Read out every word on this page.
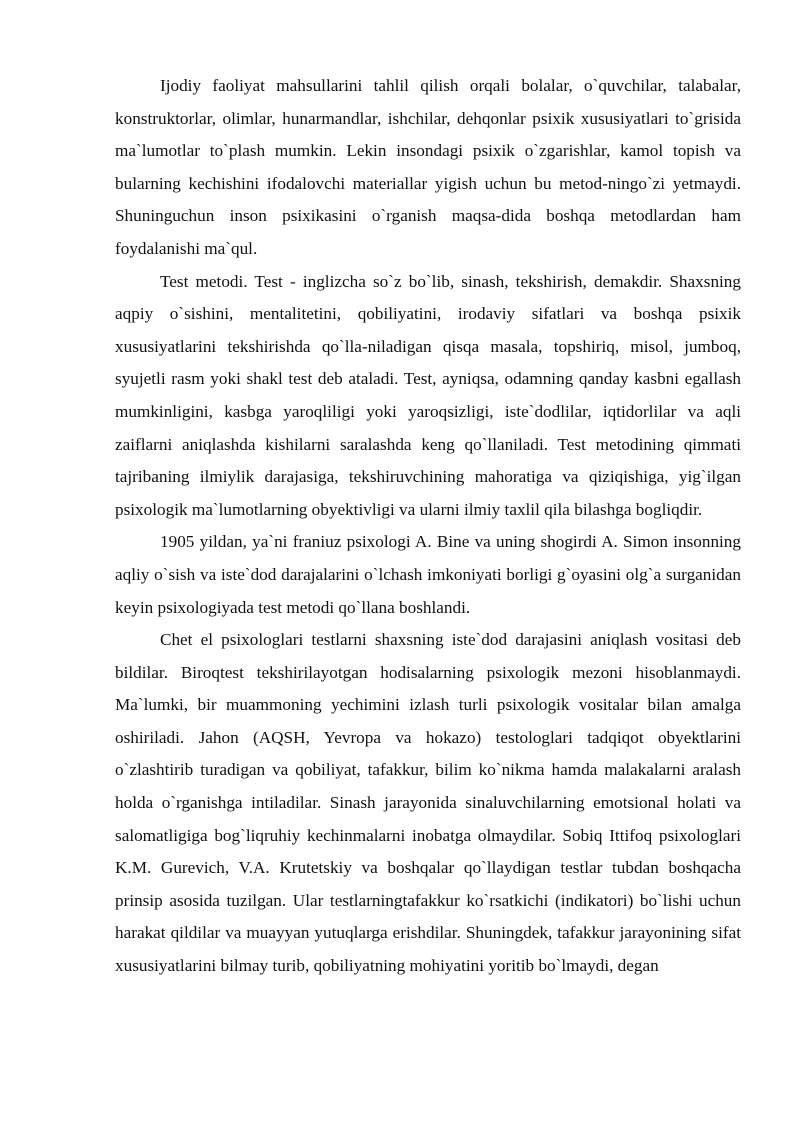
Ijodiy faoliyat mahsullarini tahlil qilish orqali bolalar, o`quvchilar, talabalar, konstruktorlar, olimlar, hunarmandlar, ishchilar, dehqonlar psixik xususiyatlari to`grisida ma`lumotlar to`plash mumkin. Lekin insondagi psixik o`zgarishlar, kamol topish va bularning kechishini ifodalovchi materiallar yigish uchun bu metod-ningo`zi yetmaydi. Shuninguchun inson psixikasini o`rganish maqsa-dida boshqa metodlardan ham foydalanishi ma`qul.

Test metodi. Test - inglizcha so`z bo`lib, sinash, tekshirish, demakdir. Shaxsning aqpiy o`sishini, mentalitetini, qobiliyatini, irodaviy sifatlari va boshqa psixik xususiyatlarini tekshirishda qo`lla-niladigan qisqa masala, topshiriq, misol, jumboq, syujetli rasm yoki shakl test deb ataladi. Test, ayniqsa, odamning qanday kasbni egallash mumkinligini, kasbga yaroqliligi yoki yaroqsizligi, iste`dodlilar, iqtidorlilar va aqli zaiflarni aniqlashda kishilarni saralashda keng qo`llaniladi. Test metodining qimmati tajribaning ilmiylik darajasiga, tekshiruvchining mahoratiga va qiziqishiga, yig`ilgan psixologik ma`lumotlarning obyektivligi va ularni ilmiy taxlil qila bilashga bogliqdir.

1905 yildan, ya`ni franiuz psixologi A. Bine va uning shogirdi A. Simon insonning aqliy o`sish va iste`dod darajalarini o`lchash imkoniyati borligi g`oyasini olg`a surganidan keyin psixologiyada test metodi qo`llana boshlandi.

Chet el psixologlari testlarni shaxsning iste`dod darajasini aniqlash vositasi deb bildilar. Biroqtest tekshirilayotgan hodisalarning psixologik mezoni hisoblanmaydi. Ma`lumki, bir muammoning yechimini izlash turli psixologik vositalar bilan amalga oshiriladi. Jahon (AQSH, Yevropa va hokazo) testologlari tadqiqot obyektlarini o`zlashtirib turadigan va qobiliyat, tafakkur, bilim ko`nikma hamda malakalarni aralash holda o`rganishga intiladilar. Sinash jarayonida sinaluvchilarning emotsional holati va salomatligiga bog`liqruhiy kechinmalarni inobatga olmaydilar. Sobiq Ittifoq psixologlari K.M. Gurevich, V.A. Krutetskiy va boshqalar qo`llaydigan testlar tubdan boshqacha prinsip asosida tuzilgan. Ular testlarningtafakkur ko`rsatkichi (indikatori) bo`lishi uchun harakat qildilar va muayyan yutuqlarga erishdilar. Shuningdek, tafakkur jarayonining sifat xususiyatlarini bilmay turib, qobiliyatning mohiyatini yoritib bo`lmaydi, degan
